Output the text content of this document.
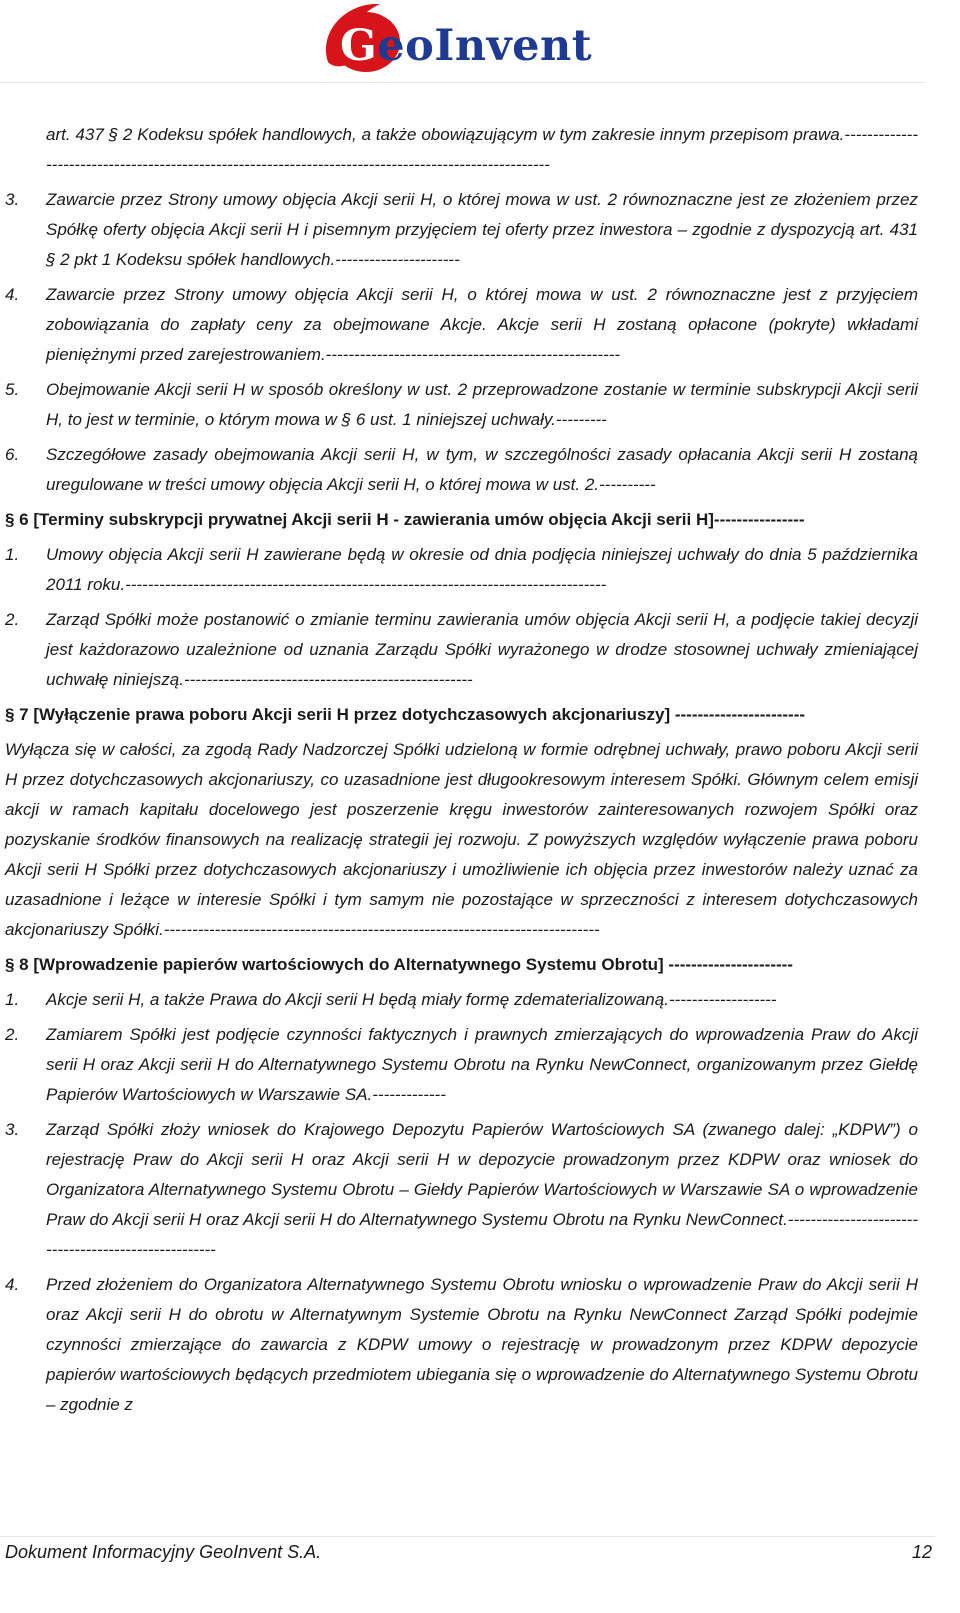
GeoInvent

art. 437 § 2 Kodeksu spółek handlowych, a także obowiązującym w tym zakresie innym przepisom prawa.------------------------------------------------------------------------------------------------------

3. Zawarcie przez Strony umowy objęcia Akcji serii H, o której mowa w ust. 2 równoznaczne jest ze złożeniem przez Spółkę oferty objęcia Akcji serii H i pisemnym przyjęciem tej oferty przez inwestora – zgodnie z dyspozycją art. 431 § 2 pkt 1 Kodeksu spółek handlowych.----------------------
4. Zawarcie przez Strony umowy objęcia Akcji serii H, o której mowa w ust. 2 równoznaczne jest z przyjęciem zobowiązania do zapłaty ceny za obejmowane Akcje. Akcje serii H zostaną opłacone (pokryte) wkładami pieniężnymi przed zarejestrowaniem.----------------------------------------------------
5. Obejmowanie Akcji serii H w sposób określony w ust. 2 przeprowadzone zostanie w terminie subskrypcji Akcji serii H, to jest w terminie, o którym mowa w § 6 ust. 1 niniejszej uchwały.---------
6. Szczegółowe zasady obejmowania Akcji serii H, w tym, w szczególności zasady opłacania Akcji serii H zostaną uregulowane w treści umowy objęcia Akcji serii H, o której mowa w ust. 2.----------
§ 6 [Terminy subskrypcji prywatnej Akcji serii H - zawierania umów objęcia Akcji serii H]----------------
1. Umowy objęcia Akcji serii H zawierane będą w okresie od dnia podjęcia niniejszej uchwały do dnia 5 października 2011 roku.-------------------------------------------------------------------------------------
2. Zarząd Spółki może postanowić o zmianie terminu zawierania umów objęcia Akcji serii H, a podjęcie takiej decyzji jest każdorazowo uzależnione od uznania Zarządu Spółki wyrażonego w drodze stosownej uchwały zmieniającej uchwałę niniejszą.---------------------------------------------------
§ 7 [Wyłączenie prawa poboru Akcji serii H przez dotychczasowych akcjonariuszy] -----------------------

Wyłącza się w całości, za zgodą Rady Nadzorczej Spółki udzieloną w formie odrębnej uchwały, prawo poboru Akcji serii H przez dotychczasowych akcjonariuszy, co uzasadnione jest długookresowym interesem Spółki. Głównym celem emisji akcji w ramach kapitału docelowego jest poszerzenie kręgu inwestorów zainteresowanych rozwojem Spółki oraz pozyskanie środków finansowych na realizację strategii jej rozwoju. Z powyższych względów wyłączenie prawa poboru Akcji serii H Spółki przez dotychczasowych akcjonariuszy i umożliwienie ich objęcia przez inwestorów należy uznać za uzasadnione i leżące w interesie Spółki i tym samym nie pozostające w sprzeczności z interesem dotychczasowych akcjonariuszy Spółki.-----------------------------------------------------------------------------

§ 8 [Wprowadzenie papierów wartościowych do Alternatywnego Systemu Obrotu] ----------------------
1. Akcje serii H, a także Prawa do Akcji serii H będą miały formę zdematerializowaną.-------------------
2. Zamiarem Spółki jest podjęcie czynności faktycznych i prawnych zmierzających do wprowadzenia Praw do Akcji serii H oraz Akcji serii H do Alternatywnego Systemu Obrotu na Rynku NewConnect, organizowanym przez Giełdę Papierów Wartościowych w Warszawie SA.-------------
3. Zarząd Spółki złoży wniosek do Krajowego Depozytu Papierów Wartościowych SA (zwanego dalej: „KDPW”) o rejestrację Praw do Akcji serii H oraz Akcji serii H w depozycie prowadzonym przez KDPW oraz wniosek do Organizatora Alternatywnego Systemu Obrotu – Giełdy Papierów Wartościowych w Warszawie SA o wprowadzenie Praw do Akcji serii H oraz Akcji serii H do Alternatywnego Systemu Obrotu na Rynku NewConnect.-----------------------------------------------------
4. Przed złożeniem do Organizatora Alternatywnego Systemu Obrotu wniosku o wprowadzenie Praw do Akcji serii H oraz Akcji serii H do obrotu w Alternatywnym Systemie Obrotu na Rynku NewConnect Zarząd Spółki podejmie czynności zmierzające do zawarcia z KDPW umowy o rejestrację w prowadzonym przez KDPW depozycie papierów wartościowych będących przedmiotem ubiegania się o wprowadzenie do Alternatywnego Systemu Obrotu – zgodnie z
Dokument Informacyjny GeoInvent S.A.	12
